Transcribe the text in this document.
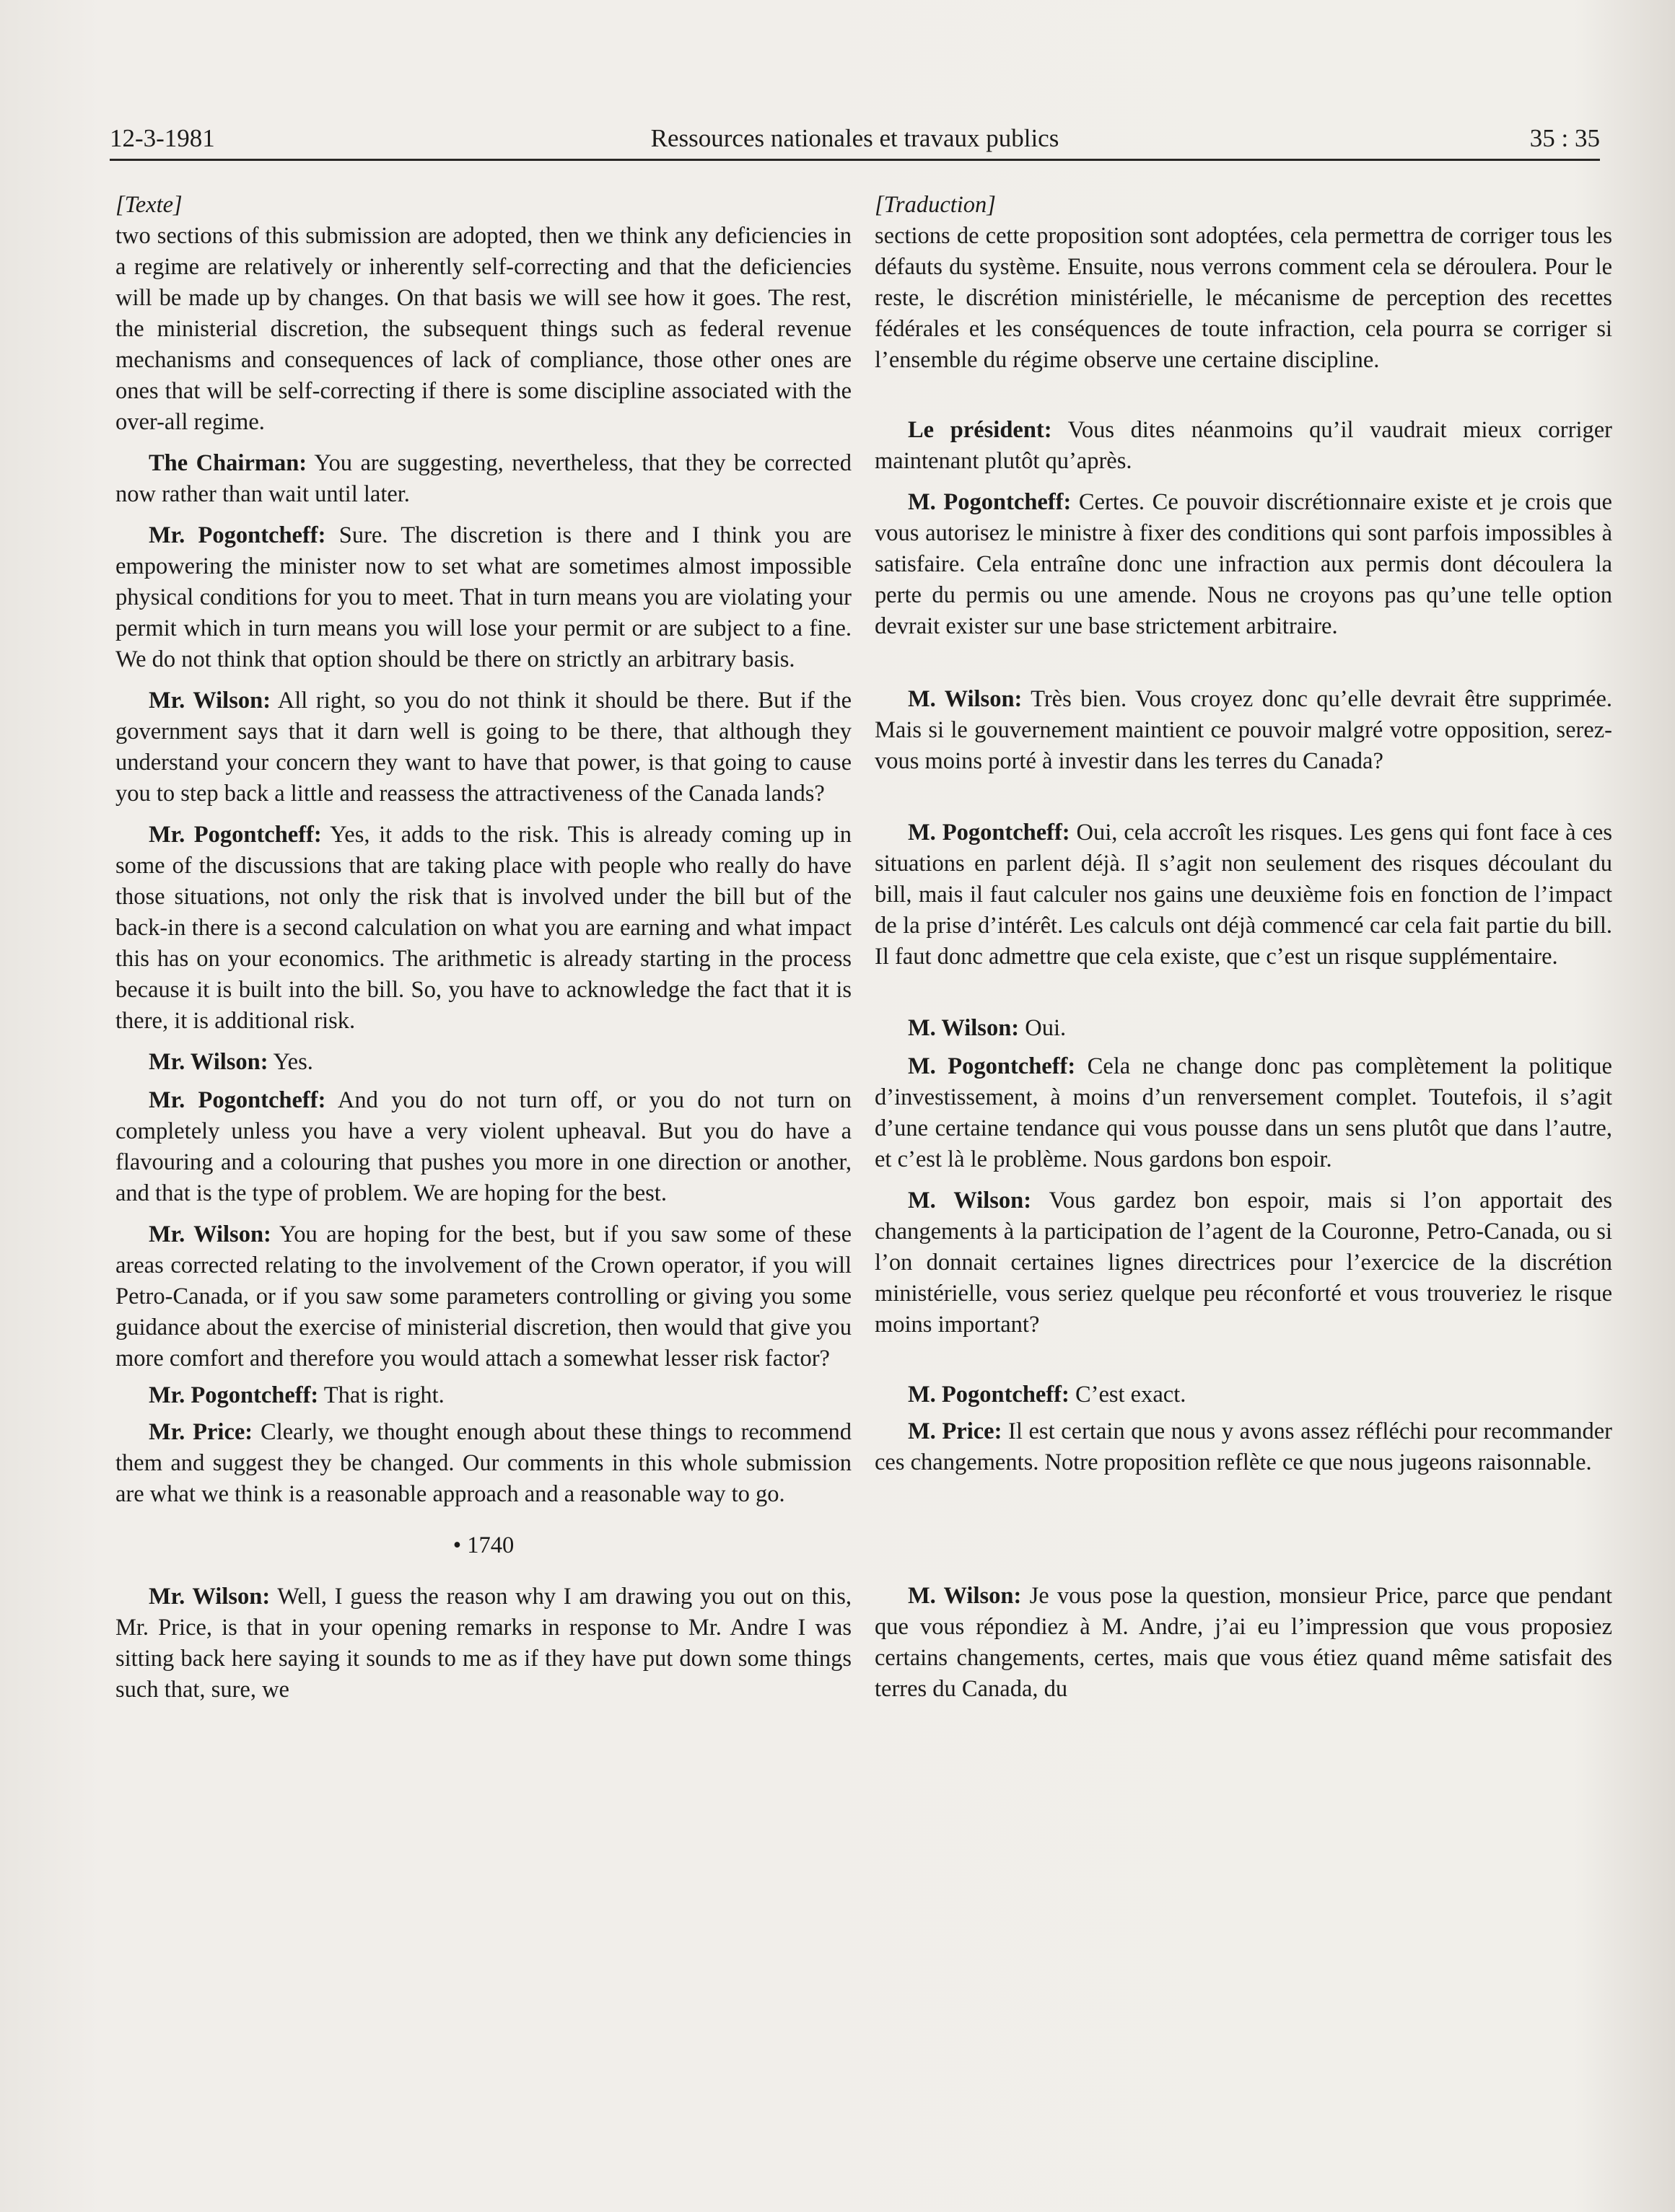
12-3-1981	Ressources nationales et travaux publics	35 : 35

[Texte]

two sections of this submission are adopted, then we think any deficiencies in a regime are relatively or inherently self-correcting and that the deficiencies will be made up by changes. On that basis we will see how it goes. The rest, the ministerial discretion, the subsequent things such as federal revenue mechanisms and consequences of lack of compliance, those other ones are ones that will be self-correcting if there is some discipline associated with the over-all regime.

The Chairman: You are suggesting, nevertheless, that they be corrected now rather than wait until later.

Mr. Pogontcheff: Sure. The discretion is there and I think you are empowering the minister now to set what are sometimes almost impossible physical conditions for you to meet. That in turn means you are violating your permit which in turn means you will lose your permit or are subject to a fine. We do not think that option should be there on strictly an arbitrary basis.

Mr. Wilson: All right, so you do not think it should be there. But if the government says that it darn well is going to be there, that although they understand your concern they want to have that power, is that going to cause you to step back a little and reassess the attractiveness of the Canada lands?

Mr. Pogontcheff: Yes, it adds to the risk. This is already coming up in some of the discussions that are taking place with people who really do have those situations, not only the risk that is involved under the bill but of the back-in there is a second calculation on what you are earning and what impact this has on your economics. The arithmetic is already starting in the process because it is built into the bill. So, you have to acknowledge the fact that it is there, it is additional risk.

Mr. Wilson: Yes.

Mr. Pogontcheff: And you do not turn off, or you do not turn on completely unless you have a very violent upheaval. But you do have a flavouring and a colouring that pushes you more in one direction or another, and that is the type of problem. We are hoping for the best.

Mr. Wilson: You are hoping for the best, but if you saw some of these areas corrected relating to the involvement of the Crown operator, if you will Petro-Canada, or if you saw some parameters controlling or giving you some guidance about the exercise of ministerial discretion, then would that give you more comfort and therefore you would attach a somewhat lesser risk factor?

Mr. Pogontcheff: That is right.

Mr. Price: Clearly, we thought enough about these things to recommend them and suggest they be changed. Our comments in this whole submission are what we think is a reasonable approach and a reasonable way to go.

• 1740

Mr. Wilson: Well, I guess the reason why I am drawing you out on this, Mr. Price, is that in your opening remarks in response to Mr. Andre I was sitting back here saying it sounds to me as if they have put down some things such that, sure, we

[Traduction]

sections de cette proposition sont adoptées, cela permettra de corriger tous les défauts du système. Ensuite, nous verrons comment cela se déroulera. Pour le reste, le discrétion ministérielle, le mécanisme de perception des recettes fédérales et les conséquences de toute infraction, cela pourra se corriger si l’ensemble du régime observe une certaine discipline.

Le président: Vous dites néanmoins qu’il vaudrait mieux corriger maintenant plutôt qu’après.

M. Pogontcheff: Certes. Ce pouvoir discrétionnaire existe et je crois que vous autorisez le ministre à fixer des conditions qui sont parfois impossibles à satisfaire. Cela entraîne donc une infraction aux permis dont découlera la perte du permis ou une amende. Nous ne croyons pas qu’une telle option devrait exister sur une base strictement arbitraire.

M. Wilson: Très bien. Vous croyez donc qu’elle devrait être supprimée. Mais si le gouvernement maintient ce pouvoir malgré votre opposition, serez-vous moins porté à investir dans les terres du Canada?

M. Pogontcheff: Oui, cela accroît les risques. Les gens qui font face à ces situations en parlent déjà. Il s’agit non seulement des risques découlant du bill, mais il faut calculer nos gains une deuxième fois en fonction de l’impact de la prise d’intérêt. Les calculs ont déjà commencé car cela fait partie du bill. Il faut donc admettre que cela existe, que c’est un risque supplémentaire.

M. Wilson: Oui.

M. Pogontcheff: Cela ne change donc pas complètement la politique d’investissement, à moins d’un renversement complet. Toutefois, il s’agit d’une certaine tendance qui vous pousse dans un sens plutôt que dans l’autre, et c’est là le problème. Nous gardons bon espoir.

M. Wilson: Vous gardez bon espoir, mais si l’on apportait des changements à la participation de l’agent de la Couronne, Petro-Canada, ou si l’on donnait certaines lignes directrices pour l’exercice de la discrétion ministérielle, vous seriez quelque peu réconforté et vous trouveriez le risque moins important?

M. Pogontcheff: C’est exact.

M. Price: Il est certain que nous y avons assez réfléchi pour recommander ces changements. Notre proposition reflète ce que nous jugeons raisonnable.

M. Wilson: Je vous pose la question, monsieur Price, parce que pendant que vous répondiez à M. Andre, j’ai eu l’impression que vous proposiez certains changements, certes, mais que vous étiez quand même satisfait des terres du Canada, du
